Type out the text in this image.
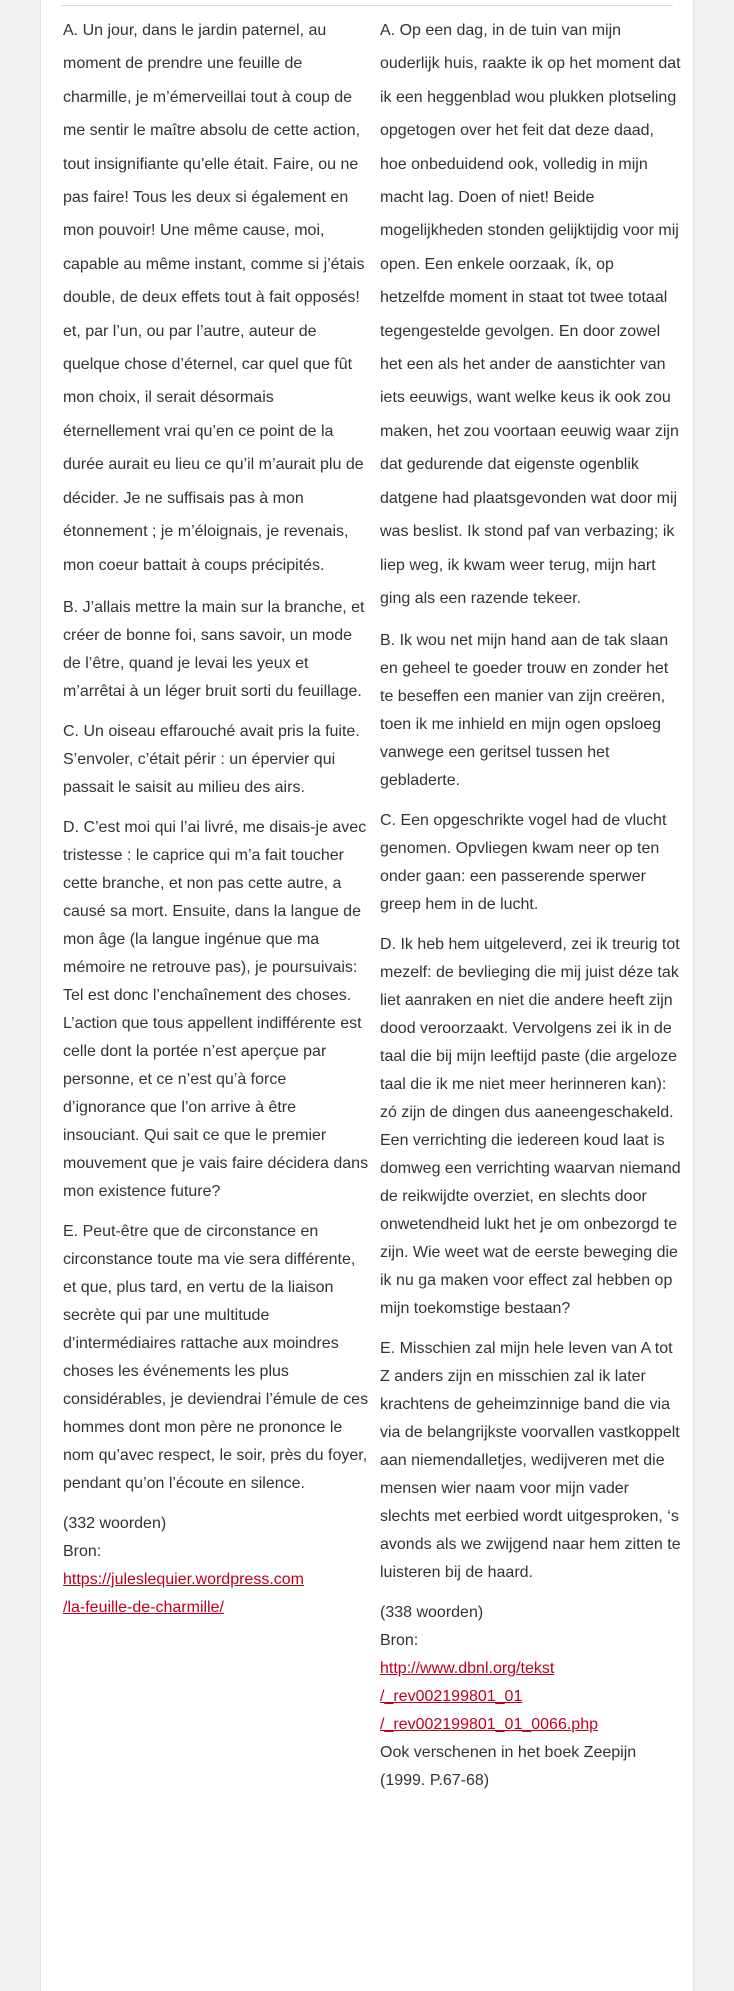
A. Un jour, dans le jardin paternel, au moment de prendre une feuille de charmille, je m’émerveillai tout à coup de me sentir le maître absolu de cette action, tout insignifiante qu’elle était. Faire, ou ne pas faire! Tous les deux si également en mon pouvoir! Une même cause, moi, capable au même instant, comme si j’étais double, de deux effets tout à fait opposés! et, par l’un, ou par l’autre, auteur de quelque chose d’éternel, car quel que fût mon choix, il serait désormais éternellement vrai qu’en ce point de la durée aurait eu lieu ce qu’il m’aurait plu de décider. Je ne suffisais pas à mon étonnement ; je m’éloignais, je revenais, mon coeur battait à coups précipités.

B. J’allais mettre la main sur la branche, et créer de bonne foi, sans savoir, un mode de l’être, quand je levai les yeux et m’arrêtai à un léger bruit sorti du feuillage.

C. Un oiseau effarouché avait pris la fuite. S’envoler, c’était périr : un épervier qui passait le saisit au milieu des airs.

D. C’est moi qui l’ai livré, me disais-je avec tristesse : le caprice qui m’a fait toucher cette branche, et non pas cette autre, a causé sa mort. Ensuite, dans la langue de mon âge (la langue ingénue que ma mémoire ne retrouve pas), je poursuivais: Tel est donc l’enchaînement des choses. L’action que tous appellent indifférente est celle dont la portée n’est aperçue par personne, et ce n’est qu’à force d’ignorance que l’on arrive à être insouciant. Qui sait ce que le premier mouvement que je vais faire décidera dans mon existence future?

E. Peut-être que de circonstance en circonstance toute ma vie sera différente, et que, plus tard, en vertu de la liaison secrète qui par une multitude d’intermédiaires rattache aux moindres choses les événements les plus considérables, je deviendrai l’émule de ces hommes dont mon père ne prononce le nom qu’avec respect, le soir, près du foyer, pendant qu’on l’écoute en silence.

(332 woorden)
Bron:
https://juleslequier.wordpress.com
/la-feuille-de-charmille/

A. Op een dag, in de tuin van mijn ouderlijk huis, raakte ik op het moment dat ik een heggenblad wou plukken plotseling opgetogen over het feit dat deze daad, hoe onbeduidend ook, volledig in mijn macht lag. Doen of niet! Beide mogelijkheden stonden gelijktijdig voor mij open. Een enkele oorzaak, ík, op hetzelfde moment in staat tot twee totaal tegengestelde gevolgen. En door zowel het een als het ander de aanstichter van iets eeuwigs, want welke keus ik ook zou maken, het zou voortaan eeuwig waar zijn dat gedurende dat eigenste ogenblik datgene had plaatsgevonden wat door mij was beslist. Ik stond paf van verbazing; ik liep weg, ik kwam weer terug, mijn hart ging als een razende tekeer.

B. Ik wou net mijn hand aan de tak slaan en geheel te goeder trouw en zonder het te beseffen een manier van zijn creëren, toen ik me inhield en mijn ogen opsloeg vanwege een geritsel tussen het gebladerte.

C. Een opgeschrikte vogel had de vlucht genomen. Opvliegen kwam neer op ten onder gaan: een passerende sperwer greep hem in de lucht.

D. Ik heb hem uitgeleverd, zei ik treurig tot mezelf: de bevlieging die mij juist déze tak liet aanraken en niet die andere heeft zijn dood veroorzaakt. Vervolgens zei ik in de taal die bij mijn leeftijd paste (die argeloze taal die ik me niet meer herinneren kan): zó zijn de dingen dus aaneengeschakeld. Een verrichting die iedereen koud laat is domweg een verrichting waarvan niemand de reikwijdte overziet, en slechts door onwetendheid lukt het je om onbezorgd te zijn. Wie weet wat de eerste beweging die ik nu ga maken voor effect zal hebben op mijn toekomstige bestaan?

E. Misschien zal mijn hele leven van A tot Z anders zijn en misschien zal ik later krachtens de geheimzinnige band die via via de belangrijkste voorvallen vastkoppelt aan niemendalletjes, wedijveren met die mensen wier naam voor mijn vader slechts met eerbied wordt uitgesproken, ‘s avonds als we zwijgend naar hem zitten te luisteren bij de haard.

(338 woorden)
Bron:
http://www.dbnl.org/tekst
/_rev002199801_01
/_rev002199801_01_0066.php
Ook verschenen in het boek Zeepijn
(1999. P.67-68)
